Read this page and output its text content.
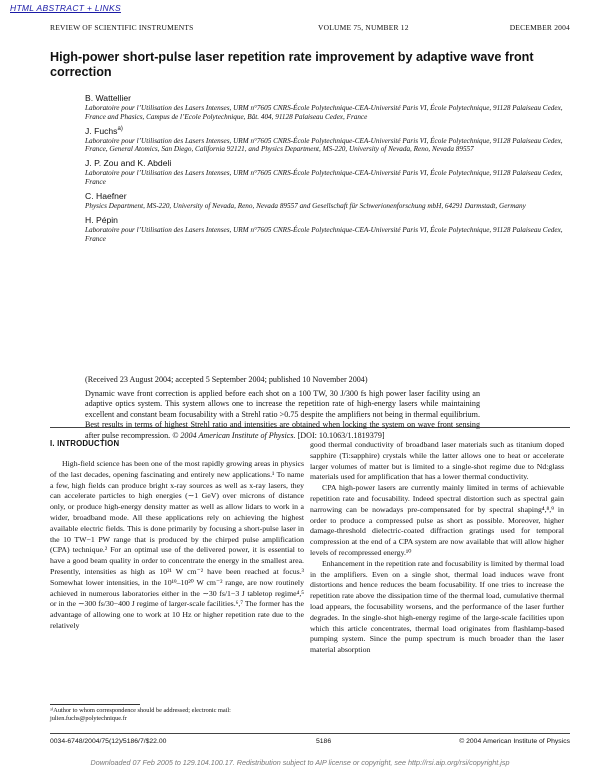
HTML ABSTRACT + LINKS
REVIEW OF SCIENTIFIC INSTRUMENTS	VOLUME 75, NUMBER 12	DECEMBER 2004
High-power short-pulse laser repetition rate improvement by adaptive wave front correction
B. Wattellier
Laboratoire pour l’Utilisation des Lasers Intenses, URM n°7605 CNRS-École Polytechnique-CEA-Université Paris VI, École Polytechnique, 91128 Palaiseau Cedex, France and Phasics, Campus de l’Ecole Polytechnique, Bât. 404, 91128 Palaiseau Cedex, France
J. Fuchs$^{a)}$
Laboratoire pour l’Utilisation des Lasers Intenses, URM n°7605 CNRS-École Polytechnique-CEA-Université Paris VI, École Polytechnique, 91128 Palaiseau Cedex, France, General Atomics, San Diego, California 92121, and Physics Department, MS-220, University of Nevada, Reno, Nevada 89557
J. P. Zou and K. Abdeli
Laboratoire pour l’Utilisation des Lasers Intenses, URM n°7605 CNRS-École Polytechnique-CEA-Université Paris VI, École Polytechnique, 91128 Palaiseau Cedex, France
C. Haefner
Physics Department, MS-220, University of Nevada, Reno, Nevada 89557 and Gesellschaft für Schwerionenforschung mbH, 64291 Darmstadt, Germany
H. Pépin
Laboratoire pour l’Utilisation des Lasers Intenses, URM n°7605 CNRS-École Polytechnique-CEA-Université Paris VI, École Polytechnique, 91128 Palaiseau Cedex, France
(Received 23 August 2004; accepted 5 September 2004; published 10 November 2004)
Dynamic wave front correction is applied before each shot on a 100 TW, 30 J/300 fs high power laser facility using an adaptive optics system. This system allows one to increase the repetition rate of high-energy lasers while maintaining excellent and constant beam focusability with a Strehl ratio >0.75 despite the amplifiers not being in thermal equilibrium. Best results in terms of highest Strehl ratio and intensities are obtained when locking the system on wave front sensing after pulse recompression. © 2004 American Institute of Physics. [DOI: 10.1063/1.1819379]
I. INTRODUCTION

High-field science has been one of the most rapidly growing areas in physics of the last decades, opening fascinating and entirely new applications.¹ To name a few, high fields can produce bright x-ray sources as well as x-ray lasers, they can accelerate particles to high energies (∼1 GeV) over microns of distance only, or produce high-energy density matter as well as allow lidars to work in a wider, broadband mode. All these applications rely on achieving the highest available electric fields. This is done primarily by focusing a short-pulse laser in the 10 TW−1 PW range that is produced by the chirped pulse amplification (CPA) technique.² For an optimal use of the delivered power, it is essential to have a good beam quality in order to concentrate the energy in the smallest area. Presently, intensities as high as 10²¹ W cm⁻² have been reached at focus.³ Somewhat lower intensities, in the 10¹⁹–10²⁰ W cm⁻² range, are now routinely achieved in numerous laboratories either in the ∼30 fs/1−3 J tabletop regime⁴,⁵ or in the ∼300 fs/30−400 J regime of larger-scale facilities.⁶,⁷ The former has the advantage of allowing one to work at 10 Hz or higher repetition rate due to the relatively

good thermal conductivity of broadband laser materials such as titanium doped sapphire (Ti:sapphire) crystals while the latter allows one to heat or accelerate larger volumes of matter but is limited to a single-shot regime due to Nd:glass materials used for amplification that has a lower thermal conductivity.

CPA high-power lasers are currently mainly limited in terms of achievable repetition rate and focusability. Indeed spectral distortion such as spectral gain narrowing can be nowadays pre-compensated for by spectral shaping⁴,⁸,⁹ in order to produce a compressed pulse as short as possible. Moreover, higher damage-threshold dielectric-coated diffraction gratings used for temporal compression at the end of a CPA system are now available that will allow higher levels of recompressed energy.¹⁰

Enhancement in the repetition rate and focusability is limited by thermal load in the amplifiers. Even on a single shot, thermal load induces wave front distortions and hence reduces the beam focusability. If one tries to increase the repetition rate above the dissipation time of the thermal load, cumulative thermal load appears, the focusability worsens, and the performance of the laser further degrades. In the single-shot high-energy regime of the large-scale facilities upon which this article concentrates, thermal load originates from flashlamp-based pumping system. Since the pump spectrum is much broader than the laser material absorption

ᵃ⁾Author to whom correspondence should be addressed; electronic mail: julien.fuchs@polytechnique.fr
0034-6748/2004/75(12)/5186/7/$22.00	5186	© 2004 American Institute of Physics
Downloaded 07 Feb 2005 to 129.104.100.17. Redistribution subject to AIP license or copyright, see http://rsi.aip.org/rsi/copyright.jsp
